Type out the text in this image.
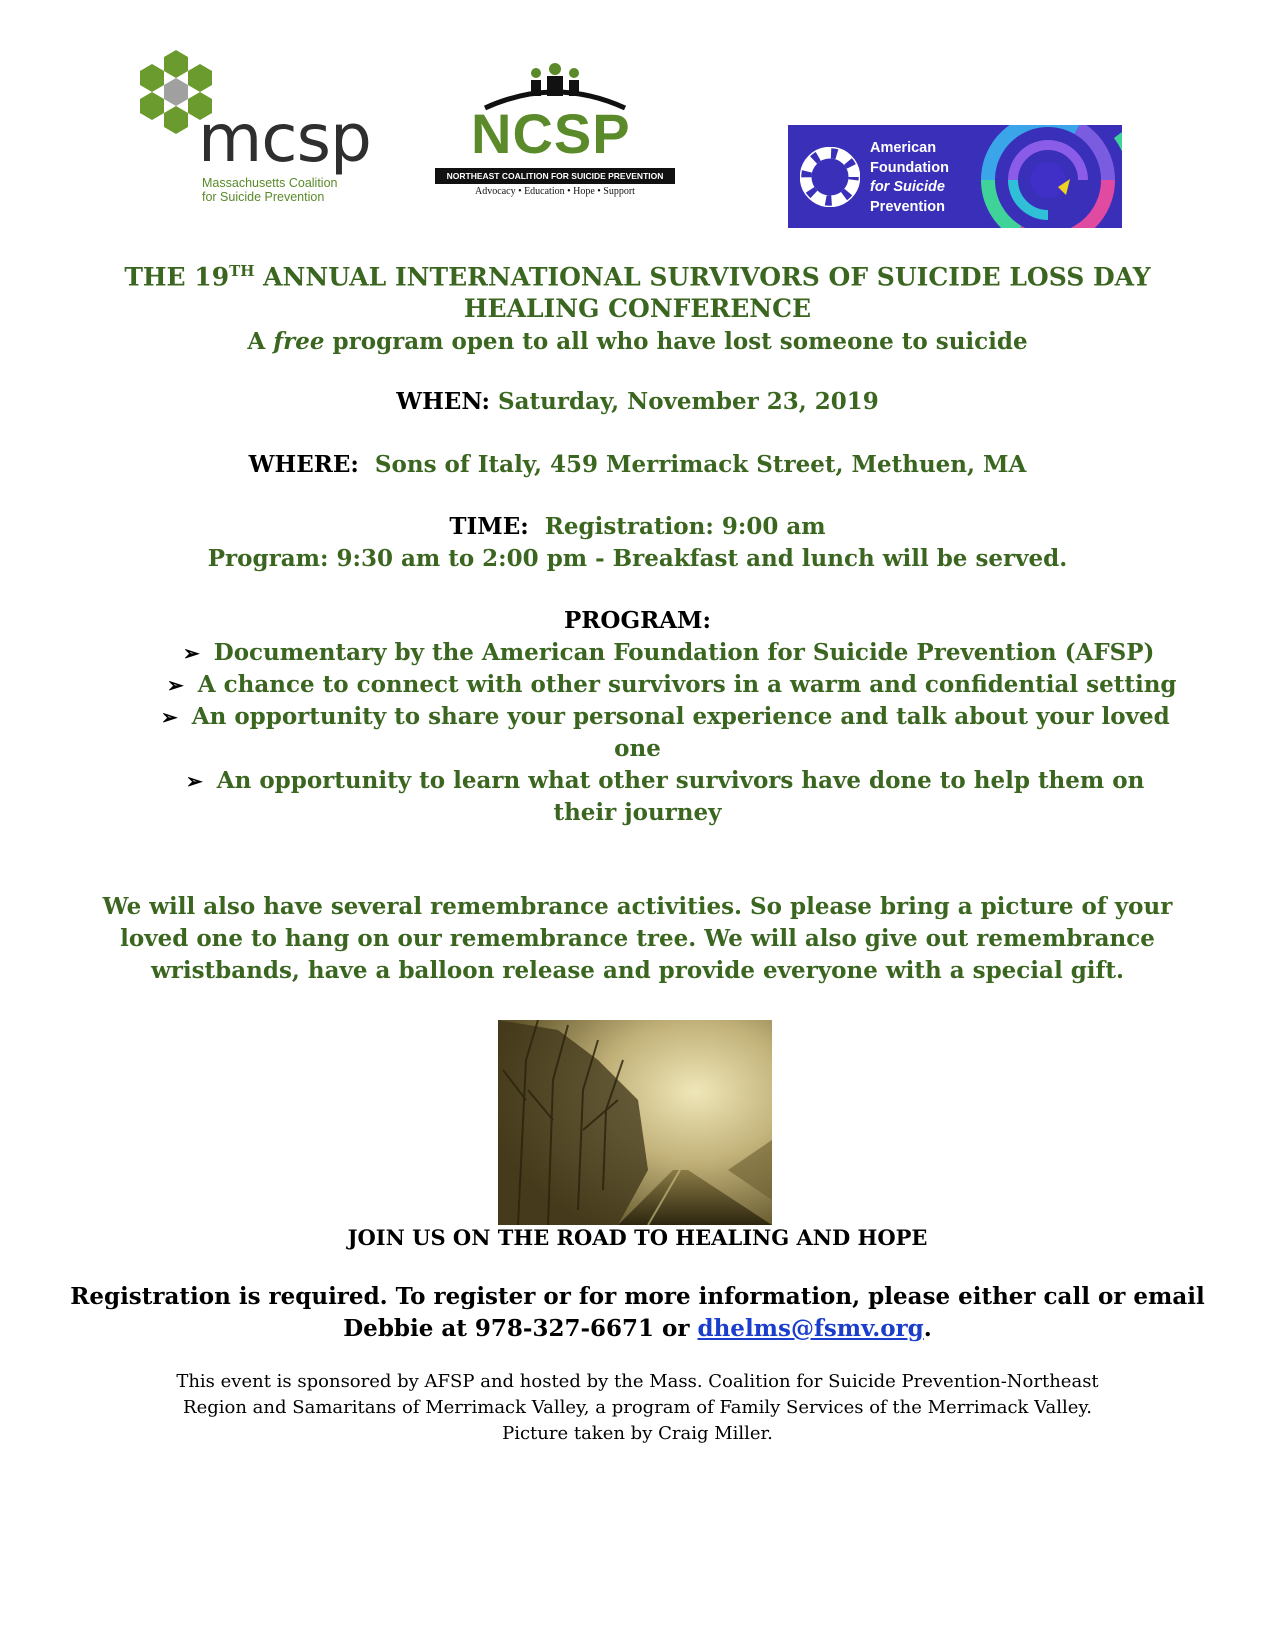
mcsp
Massachusetts Coalition
for Suicide Prevention
NCSP
NORTHEAST COALITION FOR SUICIDE PREVENTION
Advocacy • Education • Hope • Support
American
Foundation
for Suicide
Prevention
THE 19TH ANNUAL INTERNATIONAL SURVIVORS OF SUICIDE LOSS DAY
HEALING CONFERENCE
A free program open to all who have lost someone to suicide
WHEN: Saturday, November 23, 2019
WHERE: Sons of Italy, 459 Merrimack Street, Methuen, MA
TIME: Registration: 9:00 am
Program: 9:30 am to 2:00 pm - Breakfast and lunch will be served.
PROGRAM:
➢ Documentary by the American Foundation for Suicide Prevention (AFSP)
➢ A chance to connect with other survivors in a warm and confidential setting
➢ An opportunity to share your personal experience and talk about your loved
one
➢ An opportunity to learn what other survivors have done to help them on
their journey
We will also have several remembrance activities. So please bring a picture of your
loved one to hang on our remembrance tree. We will also give out remembrance
wristbands, have a balloon release and provide everyone with a special gift.
JOIN US ON THE ROAD TO HEALING AND HOPE
Registration is required. To register or for more information, please either call or email
Debbie at 978-327-6671 or dhelms@fsmv.org.
This event is sponsored by AFSP and hosted by the Mass. Coalition for Suicide Prevention-Northeast
Region and Samaritans of Merrimack Valley, a program of Family Services of the Merrimack Valley.
Picture taken by Craig Miller.
